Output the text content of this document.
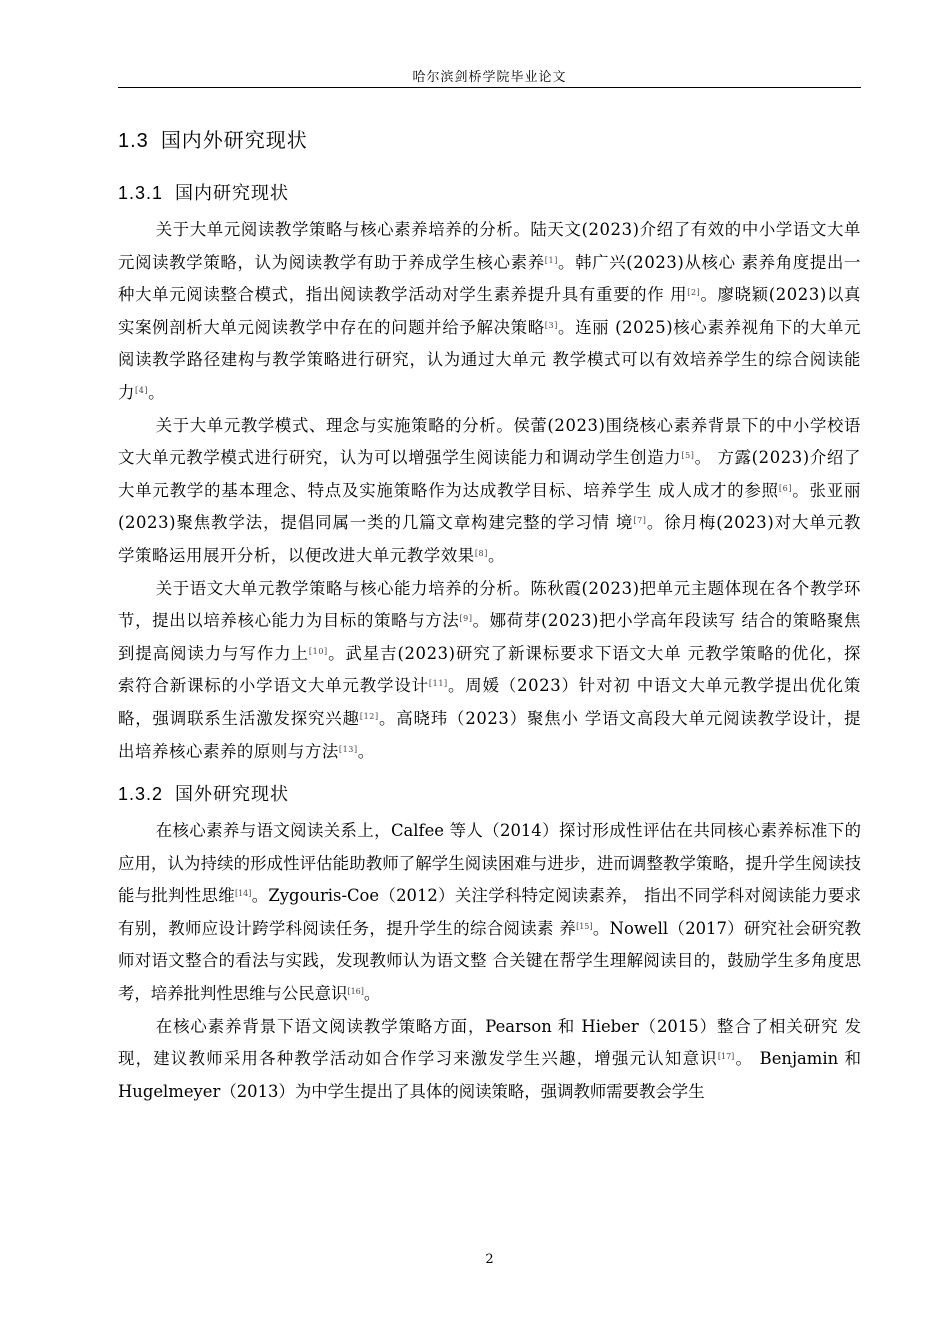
哈尔滨剑桥学院毕业论文
1.3 国内外研究现状
1.3.1 国内研究现状

关于大单元阅读教学策略与核心素养培养的分析。陆天文(2023)介绍了有效的中小学语文大单元阅读教学策略，认为阅读教学有助于养成学生核心素养[1]。韩广兴(2023)从核心 素养角度提出一种大单元阅读整合模式，指出阅读教学活动对学生素养提升具有重要的作 用[2]。廖晓颖(2023)以真实案例剖析大单元阅读教学中存在的问题并给予解决策略[3]。连丽 (2025)核心素养视角下的大单元阅读教学路径建构与教学策略进行研究，认为通过大单元 教学模式可以有效培养学生的综合阅读能力[4]。

关于大单元教学模式、理念与实施策略的分析。侯蕾(2023)围绕核心素养背景下的中小学校语文大单元教学模式进行研究，认为可以增强学生阅读能力和调动学生创造力[5]。 方露(2023)介绍了大单元教学的基本理念、特点及实施策略作为达成教学目标、培养学生 成人成才的参照[6]。张亚丽(2023)聚焦教学法，提倡同属一类的几篇文章构建完整的学习情 境[7]。徐月梅(2023)对大单元教学策略运用展开分析，以便改进大单元教学效果[8]。

关于语文大单元教学策略与核心能力培养的分析。陈秋霞(2023)把单元主题体现在各个教学环节，提出以培养核心能力为目标的策略与方法[9]。娜荷芽(2023)把小学高年段读写 结合的策略聚焦到提高阅读力与写作力上[10]。武星吉(2023)研究了新课标要求下语文大单 元教学策略的优化，探索符合新课标的小学语文大单元教学设计[11]。周媛（2023）针对初 中语文大单元教学提出优化策略，强调联系生活激发探究兴趣[12]。高晓玮（2023）聚焦小 学语文高段大单元阅读教学设计，提出培养核心素养的原则与方法[13]。

1.3.2 国外研究现状

在核心素养与语文阅读关系上，Calfee 等人（2014）探讨形成性评估在共同核心素养标准下的应用，认为持续的形成性评估能助教师了解学生阅读困难与进步，进而调整教学策略，提升学生阅读技能与批判性思维[14]。Zygouris-Coe（2012）关注学科特定阅读素养， 指出不同学科对阅读能力要求有别，教师应设计跨学科阅读任务，提升学生的综合阅读素 养[15]。Nowell（2017）研究社会研究教师对语文整合的看法与实践，发现教师认为语文整 合关键在帮学生理解阅读目的，鼓励学生多角度思考，培养批判性思维与公民意识[16]。

在核心素养背景下语文阅读教学策略方面，Pearson 和 Hieber（2015）整合了相关研究 发现，建议教师采用各种教学活动如合作学习来激发学生兴趣，增强元认知意识[17]。 Benjamin 和 Hugelmeyer（2013）为中学生提出了具体的阅读策略，强调教师需要教会学生

2
